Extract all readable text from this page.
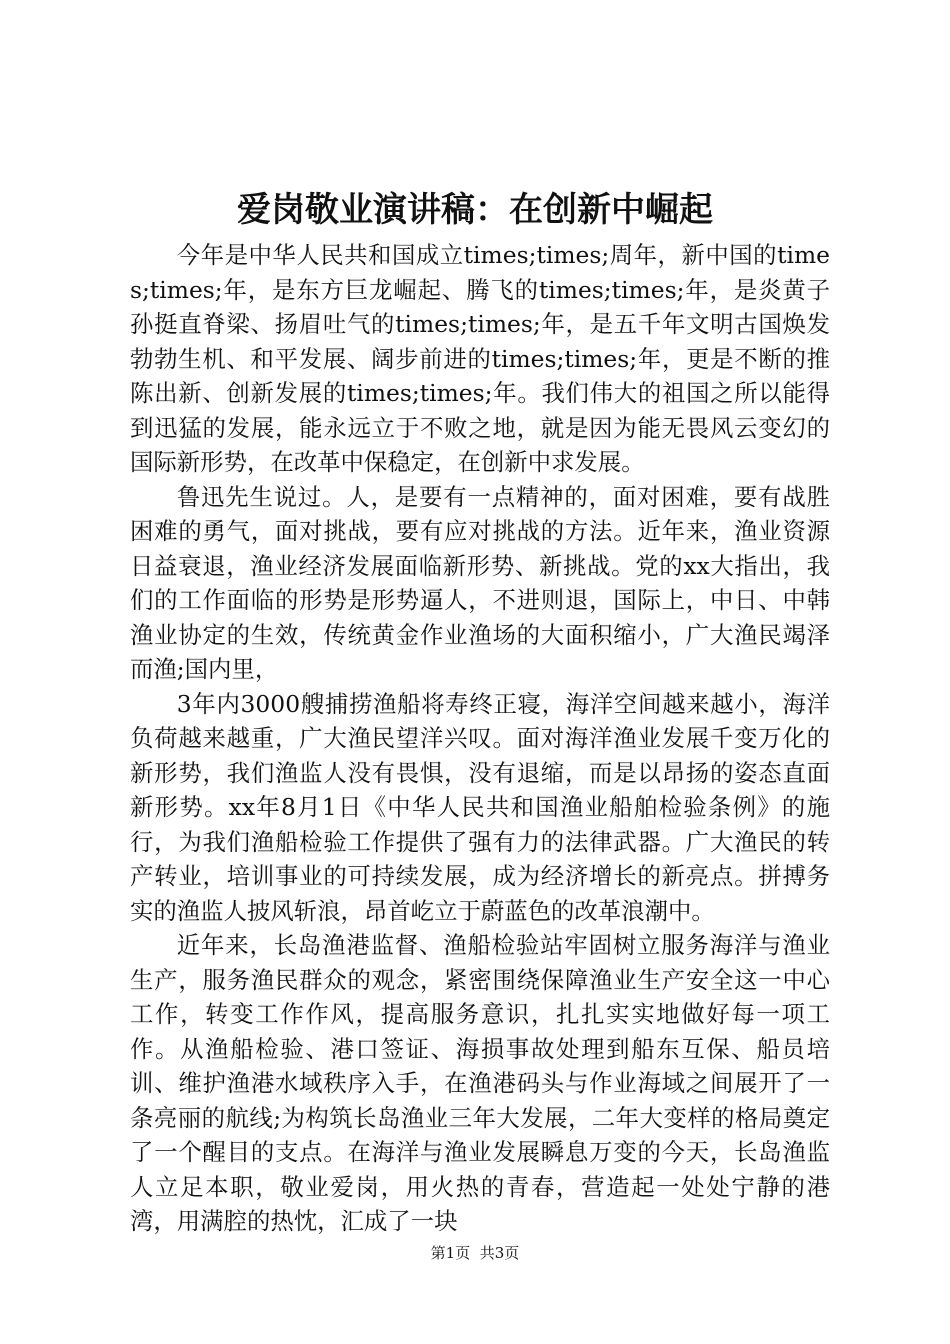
爱岗敬业演讲稿：在创新中崛起

今年是中华人民共和国成立times;times;周年，新中国的times;times;年，是东方巨龙崛起、腾飞的times;times;年，是炎黄子孙挺直脊梁、扬眉吐气的times;times;年，是五千年文明古国焕发勃勃生机、和平发展、阔步前进的times;times;年，更是不断的推陈出新、创新发展的times;times;年。我们伟大的祖国之所以能得到迅猛的发展，能永远立于不败之地，就是因为能无畏风云变幻的国际新形势，在改革中保稳定，在创新中求发展。

鲁迅先生说过。人，是要有一点精神的，面对困难，要有战胜困难的勇气，面对挑战，要有应对挑战的方法。近年来，渔业资源日益衰退，渔业经济发展面临新形势、新挑战。党的xx大指出，我们的工作面临的形势是形势逼人，不进则退，国际上，中日、中韩渔业协定的生效，传统黄金作业渔场的大面积缩小，广大渔民竭泽而渔;国内里，

3年内3000艘捕捞渔船将寿终正寝，海洋空间越来越小，海洋负荷越来越重，广大渔民望洋兴叹。面对海洋渔业发展千变万化的新形势，我们渔监人没有畏惧，没有退缩，而是以昂扬的姿态直面新形势。xx年8月1日《中华人民共和国渔业船舶检验条例》的施行，为我们渔船检验工作提供了强有力的法律武器。广大渔民的转产转业，培训事业的可持续发展，成为经济增长的新亮点。拼搏务实的渔监人披风斩浪，昂首屹立于蔚蓝色的改革浪潮中。

近年来，长岛渔港监督、渔船检验站牢固树立服务海洋与渔业生产，服务渔民群众的观念，紧密围绕保障渔业生产安全这一中心工作，转变工作作风，提高服务意识，扎扎实实地做好每一项工作。从渔船检验、港口签证、海损事故处理到船东互保、船员培训、维护渔港水域秩序入手，在渔港码头与作业海域之间展开了一条亮丽的航线;为构筑长岛渔业三年大发展，二年大变样的格局奠定了一个醒目的支点。在海洋与渔业发展瞬息万变的今天，长岛渔监人立足本职，敬业爱岗，用火热的青春，营造起一处处宁静的港湾，用满腔的热忱，汇成了一块

第1页 共3页
